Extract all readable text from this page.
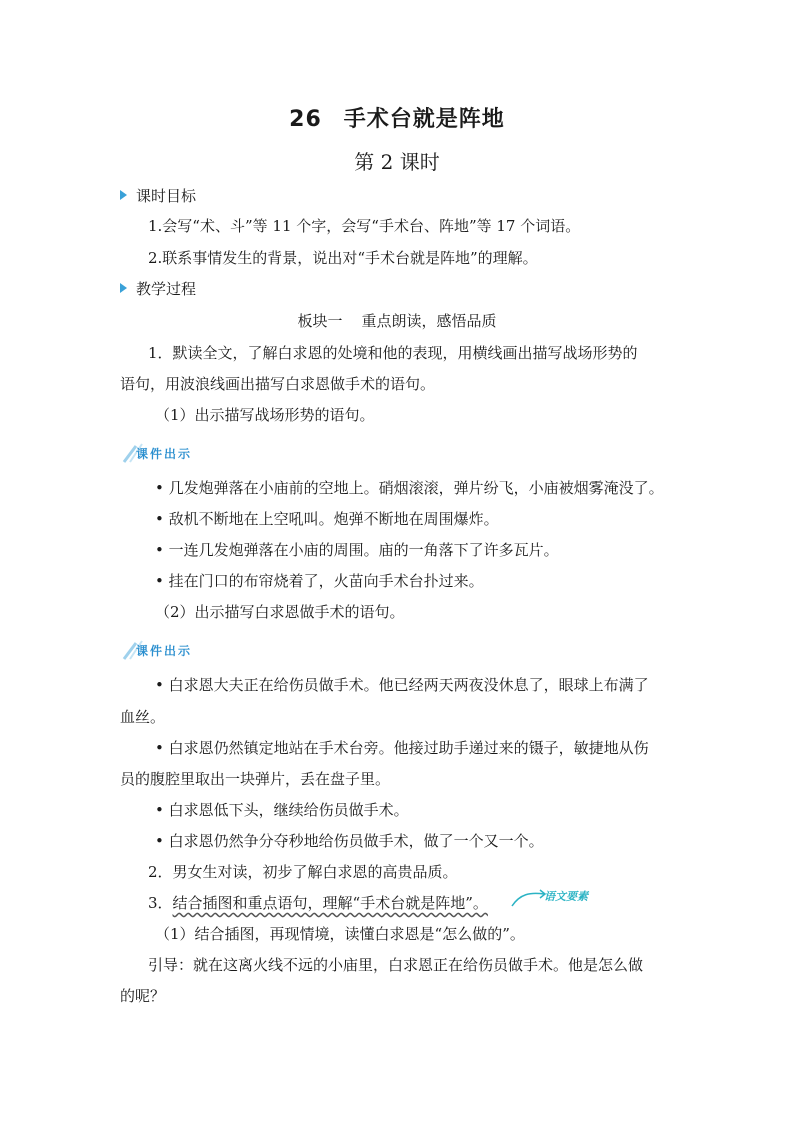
26 手术台就是阵地
第 2 课时
课时目标
1.会写“术、斗”等 11 个字，会写“手术台、阵地”等 17 个词语。
2.联系事情发生的背景，说出对“手术台就是阵地”的理解。
教学过程
板块一    重点朗读，感悟品质
1．默读全文，了解白求恩的处境和他的表现，用横线画出描写战场形势的
语句，用波浪线画出描写白求恩做手术的语句。
（1）出示描写战场形势的语句。
课件出示
• 几发炮弹落在小庙前的空地上。硝烟滚滚，弹片纷飞，小庙被烟雾淹没了。
• 敌机不断地在上空吼叫。炮弹不断地在周围爆炸。
• 一连几发炮弹落在小庙的周围。庙的一角落下了许多瓦片。
• 挂在门口的布帘烧着了，火苗向手术台扑过来。
（2）出示描写白求恩做手术的语句。
课件出示
• 白求恩大夫正在给伤员做手术。他已经两天两夜没休息了，眼球上布满了
血丝。
• 白求恩仍然镇定地站在手术台旁。他接过助手递过来的镊子，敏捷地从伤
员的腹腔里取出一块弹片，丢在盘子里。
• 白求恩低下头，继续给伤员做手术。
• 白求恩仍然争分夺秒地给伤员做手术，做了一个又一个。
2．男女生对读，初步了解白求恩的高贵品质。
3．结合插图和重点语句，理解“手术台就是阵地”。	语文要素
（1）结合插图，再现情境，读懂白求恩是“怎么做的”。
引导：就在这离火线不远的小庙里，白求恩正在给伤员做手术。他是怎么做
的呢？
